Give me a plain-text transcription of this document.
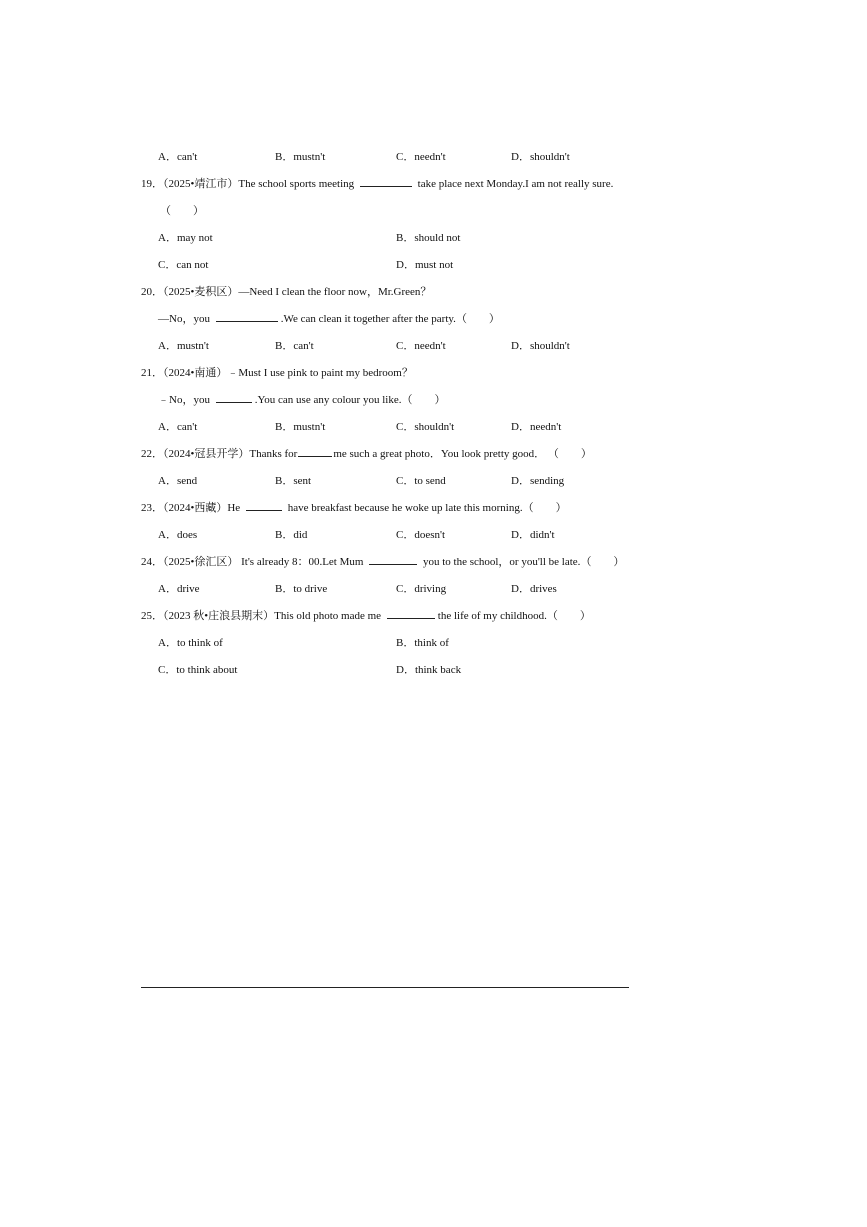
A．can't	B．mustn't	C．needn't	D．shouldn't
19．（2025•靖江市）The school sports meeting	take place next Monday.I am not really sure.
（　　）
A．may not	B．should not
C．can not	D．must not
20．（2025•麦积区）—Need I clean the floor now，Mr.Green？
—No，you	.We can clean it together after the party.（　　）
A．mustn't	B．can't	C．needn't	D．shouldn't
21．（2024•南通）﹣Must I use pink to paint my bedroom？
﹣No，you	.You can use any colour you like.（　　）
A．can't	B．mustn't	C．shouldn't	D．needn't
22．（2024•冠县开学）Thanks for	me such a great photo．You look pretty good． （　　）
A．send	B．sent	C．to send	D．sending
23．（2024•西藏）He	have breakfast because he woke up late this morning.（　　）
A．does	B．did	C．doesn't	D．didn't
24．（2025•徐汇区） It's already 8：00.Let Mum	you to the school，or you'll be late.（　　）
A．drive	B．to drive	C．driving	D．drives
25．（2023 秋•庄浪县期末）This old photo made me	the life of my childhood.（　　）
A．to think of	B．think of
C．to think about	D．think back
